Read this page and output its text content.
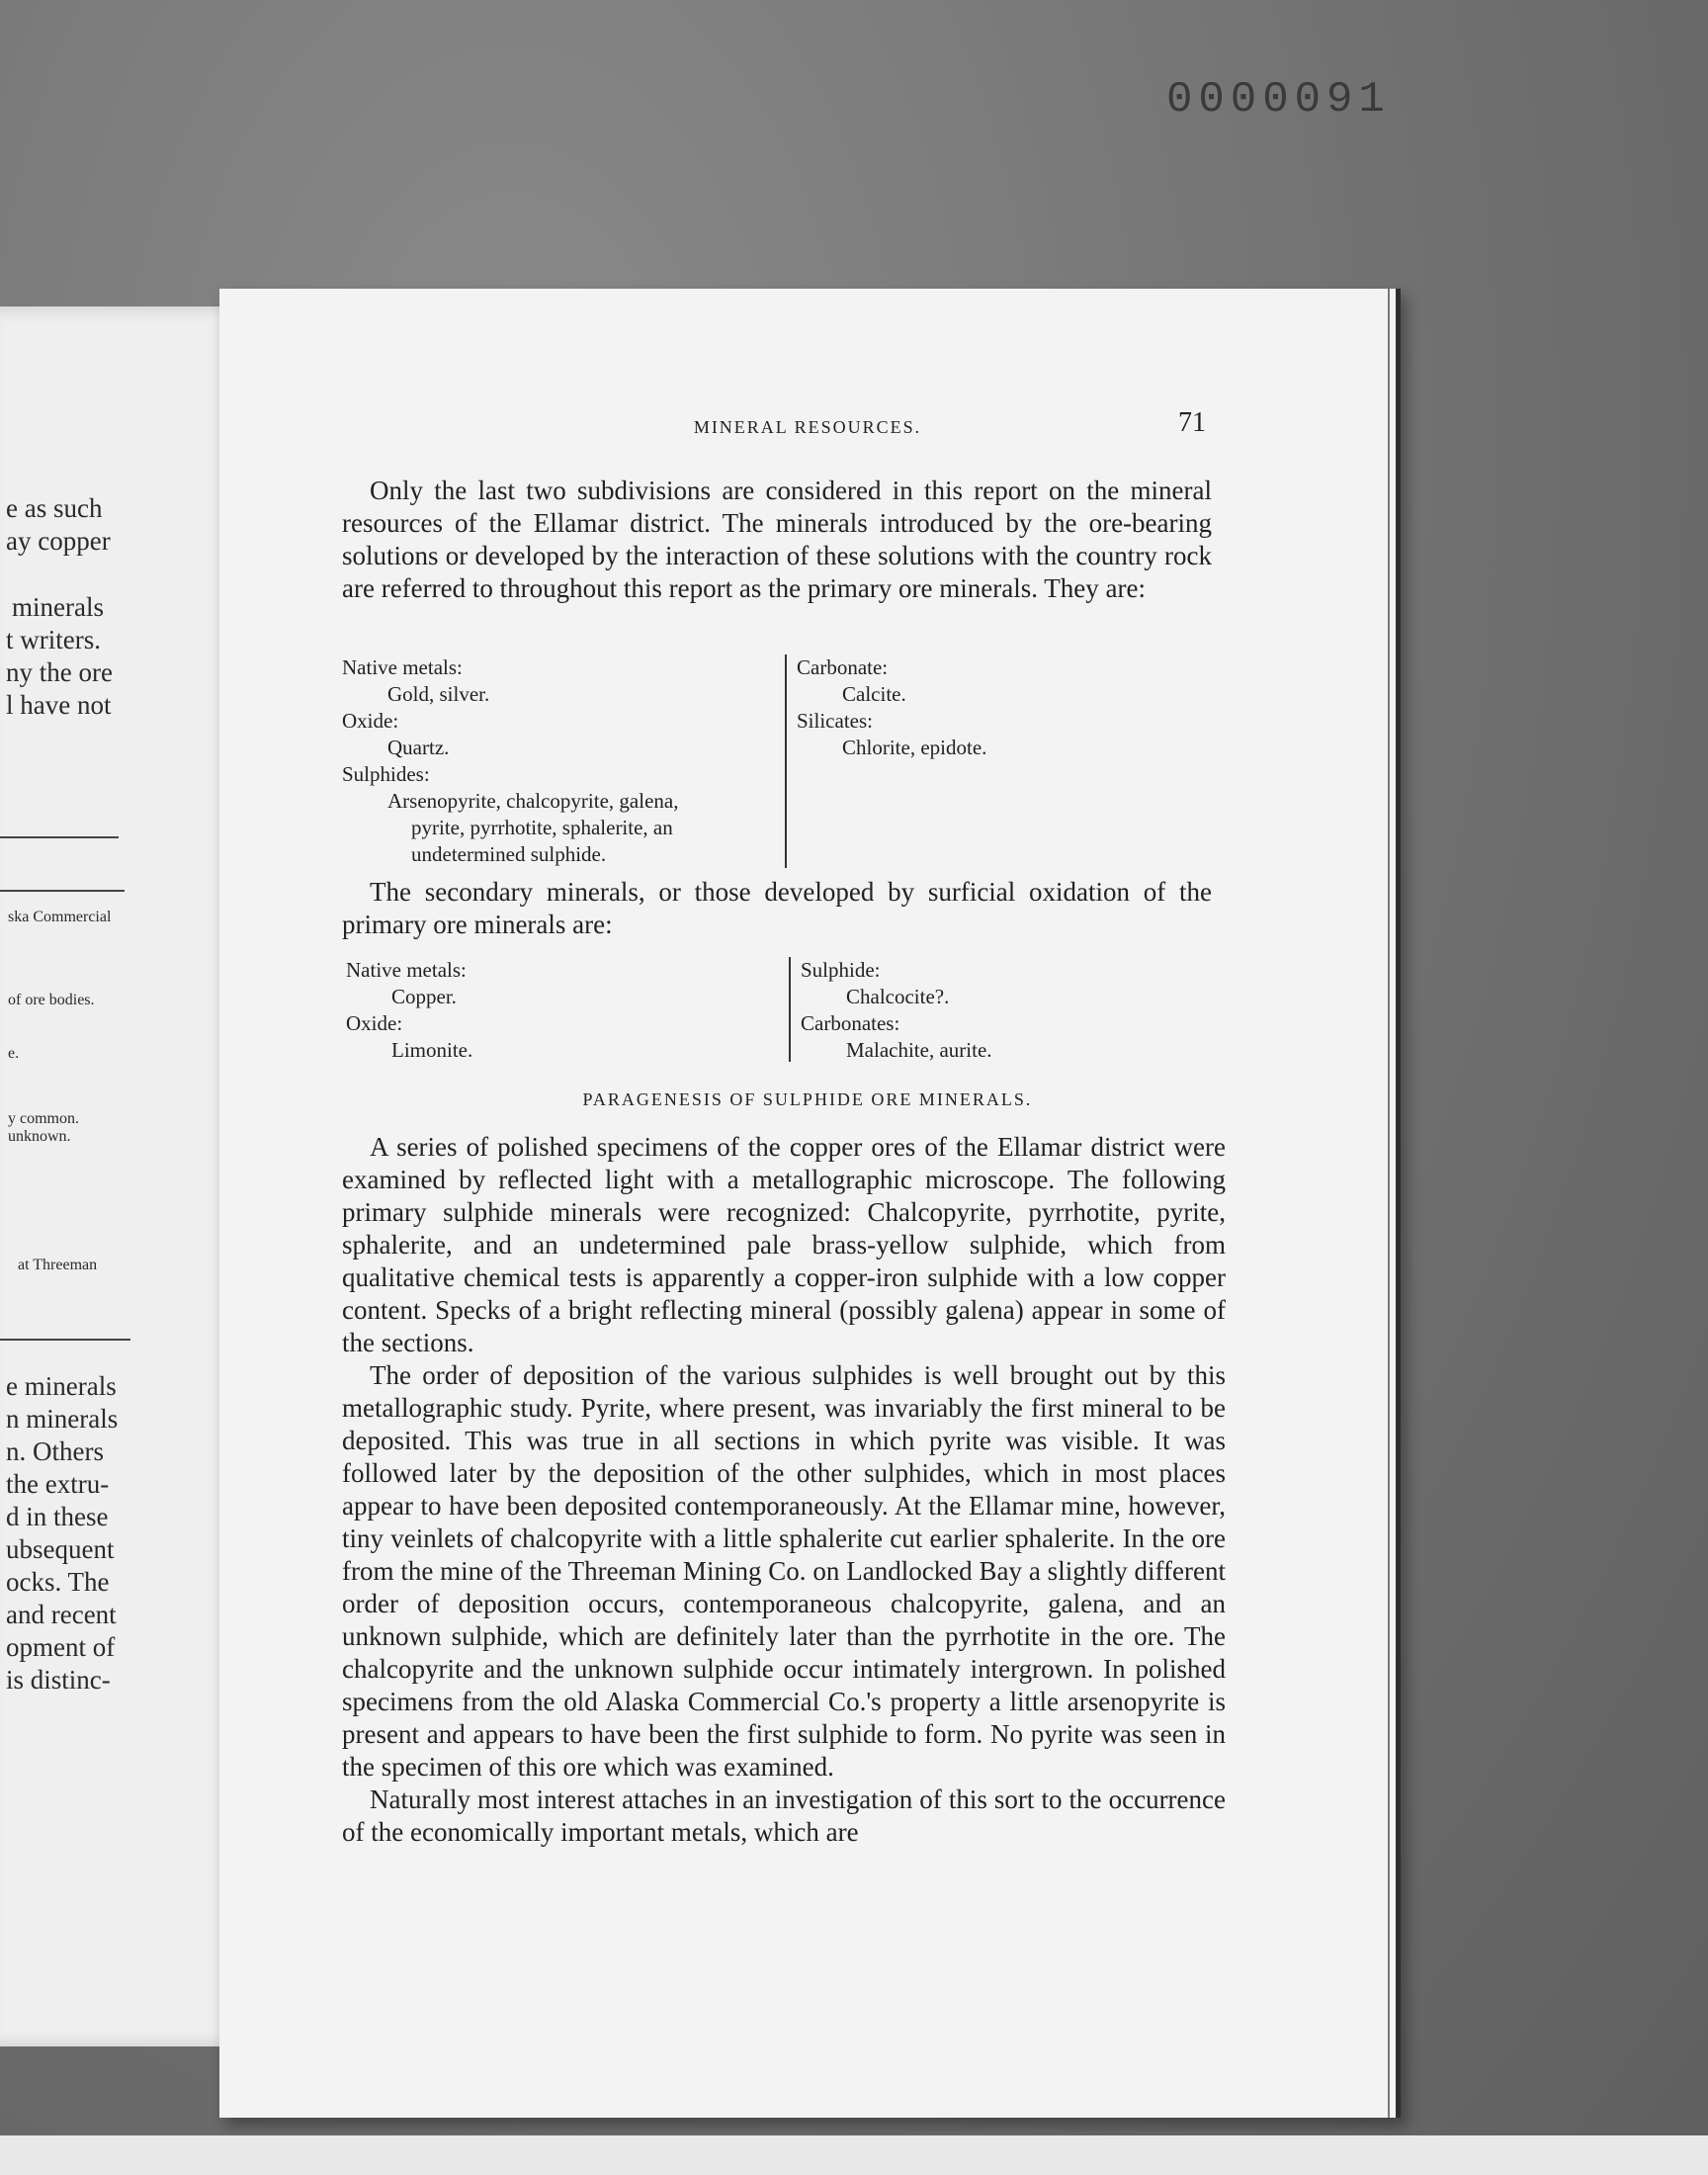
0000091
e as such
ay copper
minerals
t writers.
ny the ore
l have not
ska Commercial
of ore bodies.
e.
y common.
unknown.
at Threeman
e minerals
n minerals
n. Others
the extru-
d in these
ubsequent
ocks. The
and recent
opment of
is distinc-
MINERAL RESOURCES.	71

Only the last two subdivisions are considered in this report on the mineral resources of the Ellamar district. The minerals introduced by the ore-bearing solutions or developed by the interaction of these solutions with the country rock are referred to throughout this report as the primary ore minerals. They are:

Native metals:

Gold, silver.

Oxide:

Quartz.

Sulphides:

Arsenopyrite, chalcopyrite, galena,

pyrite, pyrrhotite, sphalerite, an

undetermined sulphide.

Carbonate:

Calcite.

Silicates:

Chlorite, epidote.

The secondary minerals, or those developed by surficial oxidation of the primary ore minerals are:

Native metals:

Copper.

Oxide:

Limonite.

Sulphide:

Chalcocite?.

Carbonates:

Malachite, aurite.

PARAGENESIS OF SULPHIDE ORE MINERALS.

A series of polished specimens of the copper ores of the Ellamar district were examined by reflected light with a metallographic microscope. The following primary sulphide minerals were recognized: Chalcopyrite, pyrrhotite, pyrite, sphalerite, and an undetermined pale brass-yellow sulphide, which from qualitative chemical tests is apparently a copper-iron sulphide with a low copper content. Specks of a bright reflecting mineral (possibly galena) appear in some of the sections.

The order of deposition of the various sulphides is well brought out by this metallographic study. Pyrite, where present, was invariably the first mineral to be deposited. This was true in all sections in which pyrite was visible. It was followed later by the deposition of the other sulphides, which in most places appear to have been deposited contemporaneously. At the Ellamar mine, however, tiny veinlets of chalcopyrite with a little sphalerite cut earlier sphalerite. In the ore from the mine of the Threeman Mining Co. on Landlocked Bay a slightly different order of deposition occurs, contemporaneous chalcopyrite, galena, and an unknown sulphide, which are definitely later than the pyrrhotite in the ore. The chalcopyrite and the unknown sulphide occur intimately intergrown. In polished specimens from the old Alaska Commercial Co.'s property a little arsenopyrite is present and appears to have been the first sulphide to form. No pyrite was seen in the specimen of this ore which was examined.

Naturally most interest attaches in an investigation of this sort to the occurrence of the economically important metals, which are
